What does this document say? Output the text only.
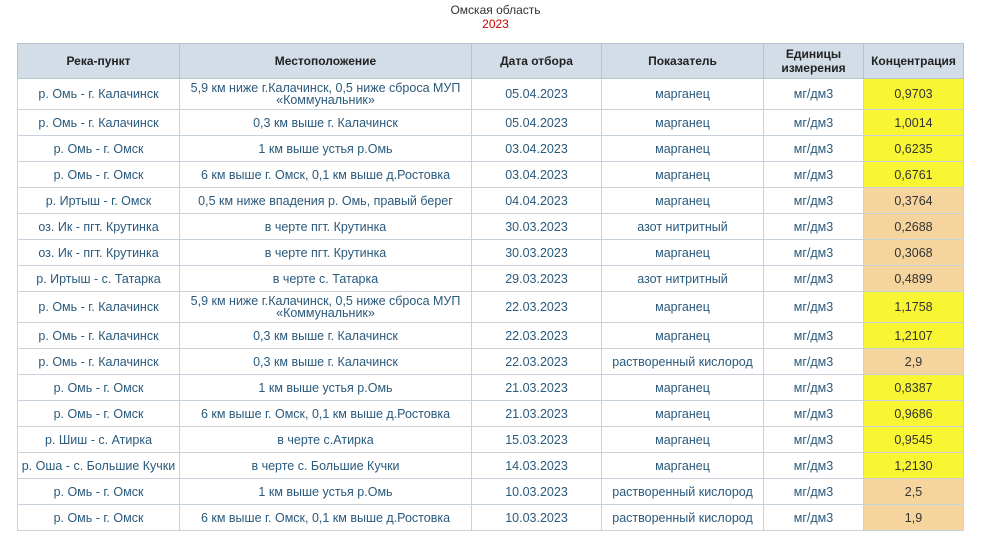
Омская область
2023
Река-пункт	Местоположение	Дата отбора	Показатель	Единицы измерения	Концентрация
р. Омь - г. Калачинск	5,9 км ниже г.Калачинск, 0,5 ниже сброса МУП «Коммунальник»	05.04.2023	марганец	мг/дм3	0,9703
р. Омь - г. Калачинск	0,3 км выше г. Калачинск	05.04.2023	марганец	мг/дм3	1,0014
р. Омь - г. Омск	1 км выше устья р.Омь	03.04.2023	марганец	мг/дм3	0,6235
р. Омь - г. Омск	6 км выше г. Омск, 0,1 км выше д.Ростовка	03.04.2023	марганец	мг/дм3	0,6761
р. Иртыш - г. Омск	0,5 км ниже впадения р. Омь, правый берег	04.04.2023	марганец	мг/дм3	0,3764
оз. Ик - пгт. Крутинка	в черте пгт. Крутинка	30.03.2023	азот нитритный	мг/дм3	0,2688
оз. Ик - пгт. Крутинка	в черте пгт. Крутинка	30.03.2023	марганец	мг/дм3	0,3068
р. Иртыш - с. Татарка	в черте с. Татарка	29.03.2023	азот нитритный	мг/дм3	0,4899
р. Омь - г. Калачинск	5,9 км ниже г.Калачинск, 0,5 ниже сброса МУП «Коммунальник»	22.03.2023	марганец	мг/дм3	1,1758
р. Омь - г. Калачинск	0,3 км выше г. Калачинск	22.03.2023	марганец	мг/дм3	1,2107
р. Омь - г. Калачинск	0,3 км выше г. Калачинск	22.03.2023	растворенный кислород	мг/дм3	2,9
р. Омь - г. Омск	1 км выше устья р.Омь	21.03.2023	марганец	мг/дм3	0,8387
р. Омь - г. Омск	6 км выше г. Омск, 0,1 км выше д.Ростовка	21.03.2023	марганец	мг/дм3	0,9686
р. Шиш - с. Атирка	в черте с.Атирка	15.03.2023	марганец	мг/дм3	0,9545
р. Оша - с. Большие Кучки	в черте с. Большие Кучки	14.03.2023	марганец	мг/дм3	1,2130
р. Омь - г. Омск	1 км выше устья р.Омь	10.03.2023	растворенный кислород	мг/дм3	2,5
р. Омь - г. Омск	6 км выше г. Омск, 0,1 км выше д.Ростовка	10.03.2023	растворенный кислород	мг/дм3	1,9
